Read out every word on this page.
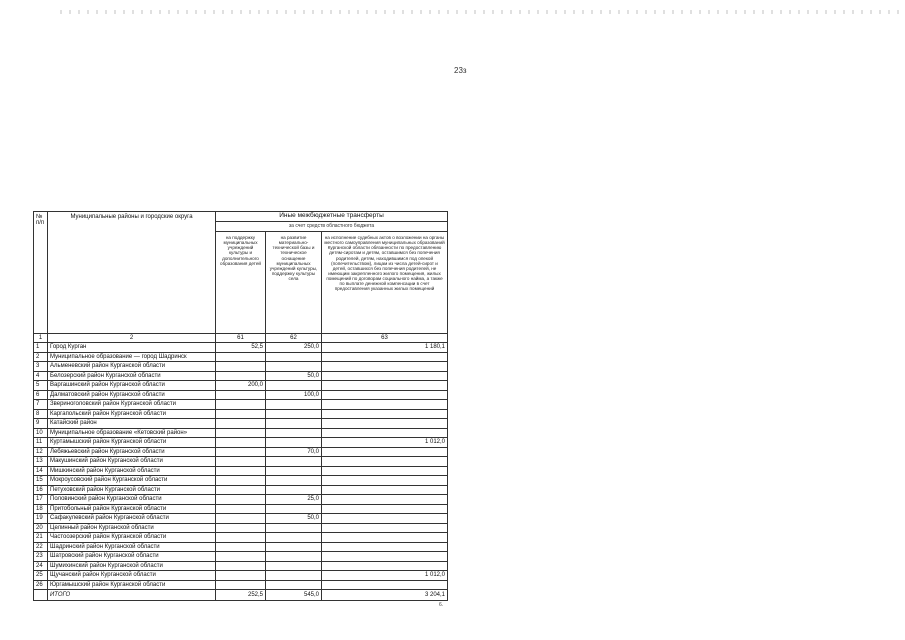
23з
№ п/п	Муниципальные районы и городские округа	Иные межбюджетные трансферты		
		за счет средств областного бюджета		
		на поддержку муниципальных учреждений культуры и дополнительного образования детей	на развитие материально-технической базы и техническое оснащение муниципальных учреждений культуры, поддержку культуры села	на исполнение судебных актов о возложении на органы местного самоуправления муниципальных образований Курганской области обязанности по предоставлению детям-сиротам и детям, оставшимся без попечения родителей, детям, находившимся под опекой (попечительством), лицам из числа детей-сирот и детей, оставшихся без попечения родителей, не имеющим закрепленного жилого помещения, жилых помещений по договорам социального найма, а также по выплате денежной компенсации в счет предоставления указанных жилых помещений
1	2	61	62	63
1	Город Курган	52,5	250,0	1 180,1
2	Муниципальное образование — город Шадринск			
3	Альменевский район Курганской области			
4	Белозерский район Курганской области		50,0	
5	Варгашинский район Курганской области	200,0		
6	Далматовский район Курганской области		100,0	
7	Звериноголовский район Курганской области			
8	Каргапольский район Курганской области			
9	Катайский район			
10	Муниципальное образование «Кетовский район»			
11	Куртамышский район Курганской области			1 012,0
12	Лебяжьевский район Курганской области		70,0	
13	Макушинский район Курганской области			
14	Мишкинский район Курганской области			
15	Мокроусовский район Курганской области			
16	Петуховский район Курганской области			
17	Половинский район Курганской области		25,0	
18	Притобольный район Курганской области			
19	Сафакулевский район Курганской области		50,0	
20	Целинный район Курганской области			
21	Частоозерский район Курганской области			
22	Шадринский район Курганской области			
23	Шатровский район Курганской области			
24	Шумихинский район Курганской области			
25	Щучанский район Курганской области			1 012,0
26	Юргамышский район Курганской области			
	ИТОГО	252,5	545,0	3 204,1
6.
